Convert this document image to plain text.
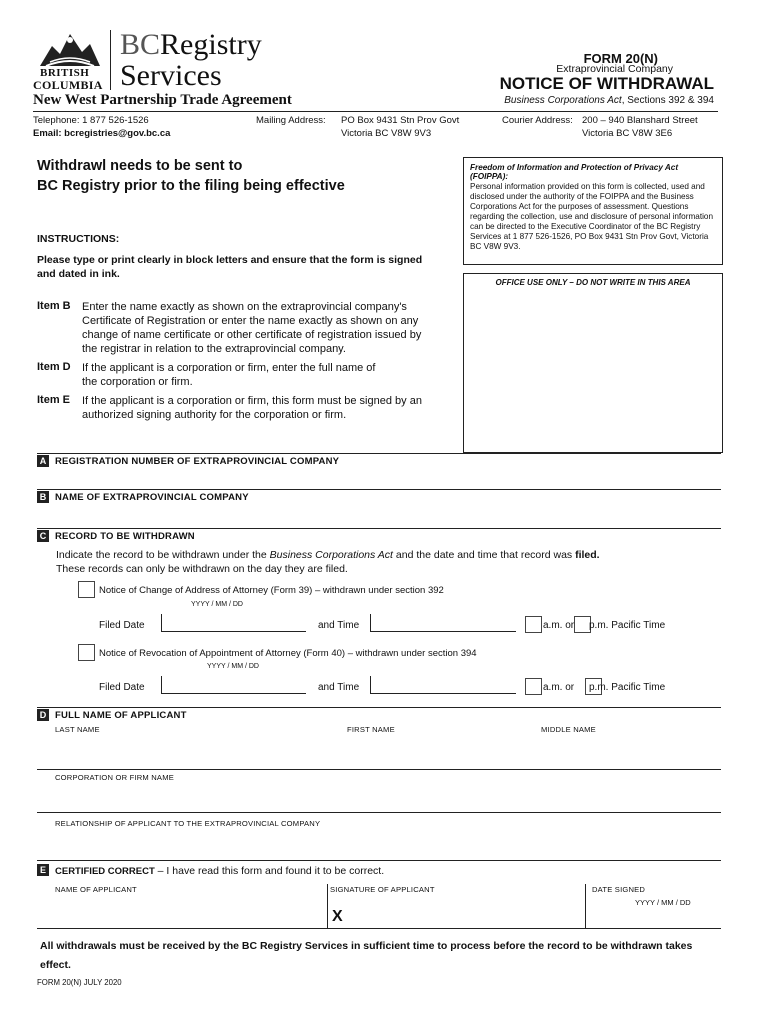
BRITISH
COLUMBIA
BCRegistry
Services
New West Partnership Trade Agreement
FORM 20(N)
Extraprovincial Company
NOTICE OF WITHDRAWAL
Business Corporations Act, Sections 392 & 394
Telephone: 1 877 526-1526
Email: bcregistries@gov.bc.ca
Mailing Address: PO Box 9431 Stn Prov Govt
Victoria BC V8W 9V3
Courier Address: 200 – 940 Blanshard Street
Victoria BC V8W 3E6
Withdrawl needs to be sent to
BC Registry prior to the filing being effective
INSTRUCTIONS:
Please type or print clearly in block letters and ensure that the form is signed and dated in ink.
Item B Enter the name exactly as shown on the extraprovincial company's Certificate of Registration or enter the name exactly as shown on any change of name certificate or other certificate of registration issued by the registrar in relation to the extraprovincial company.
Item D If the applicant is a corporation or firm, enter the full name of the corporation or firm.
Item E If the applicant is a corporation or firm, this form must be signed by an authorized signing authority for the corporation or firm.
Freedom of Information and Protection of Privacy Act (FOIPPA):
Personal information provided on this form is collected, used and disclosed under the authority of the FOIPPA and the Business Corporations Act for the purposes of assessment. Questions regarding the collection, use and disclosure of personal information can be directed to the Executive Coordinator of the BC Registry Services at 1 877 526-1526, PO Box 9431 Stn Prov Govt, Victoria BC V8W 9V3.
OFFICE USE ONLY – DO NOT WRITE IN THIS AREA
A REGISTRATION NUMBER OF EXTRAPROVINCIAL COMPANY
B NAME OF EXTRAPROVINCIAL COMPANY
C RECORD TO BE WITHDRAWN
Indicate the record to be withdrawn under the Business Corporations Act and the date and time that record was filed.
These records can only be withdrawn on the day they are filed.
Notice of Change of Address of Attorney (Form 39) – withdrawn under section 392
YYYY / MM / DD
Filed Date	and Time	a.m. or p.m. Pacific Time
Notice of Revocation of Appointment of Attorney (Form 40) – withdrawn under section 394
YYYY / MM / DD
Filed Date	and Time	a.m. or p.m. Pacific Time
D FULL NAME OF APPLICANT
LAST NAME	FIRST NAME	MIDDLE NAME
CORPORATION OR FIRM NAME
RELATIONSHIP OF APPLICANT TO THE EXTRAPROVINCIAL COMPANY
E CERTIFIED CORRECT – I have read this form and found it to be correct.
NAME OF APPLICANT	SIGNATURE OF APPLICANT	DATE SIGNED
YYYY / MM / DD
X
All withdrawals must be received by the BC Registry Services in sufficient time to process before the record to be withdrawn takes effect.
FORM 20(N) JULY 2020
